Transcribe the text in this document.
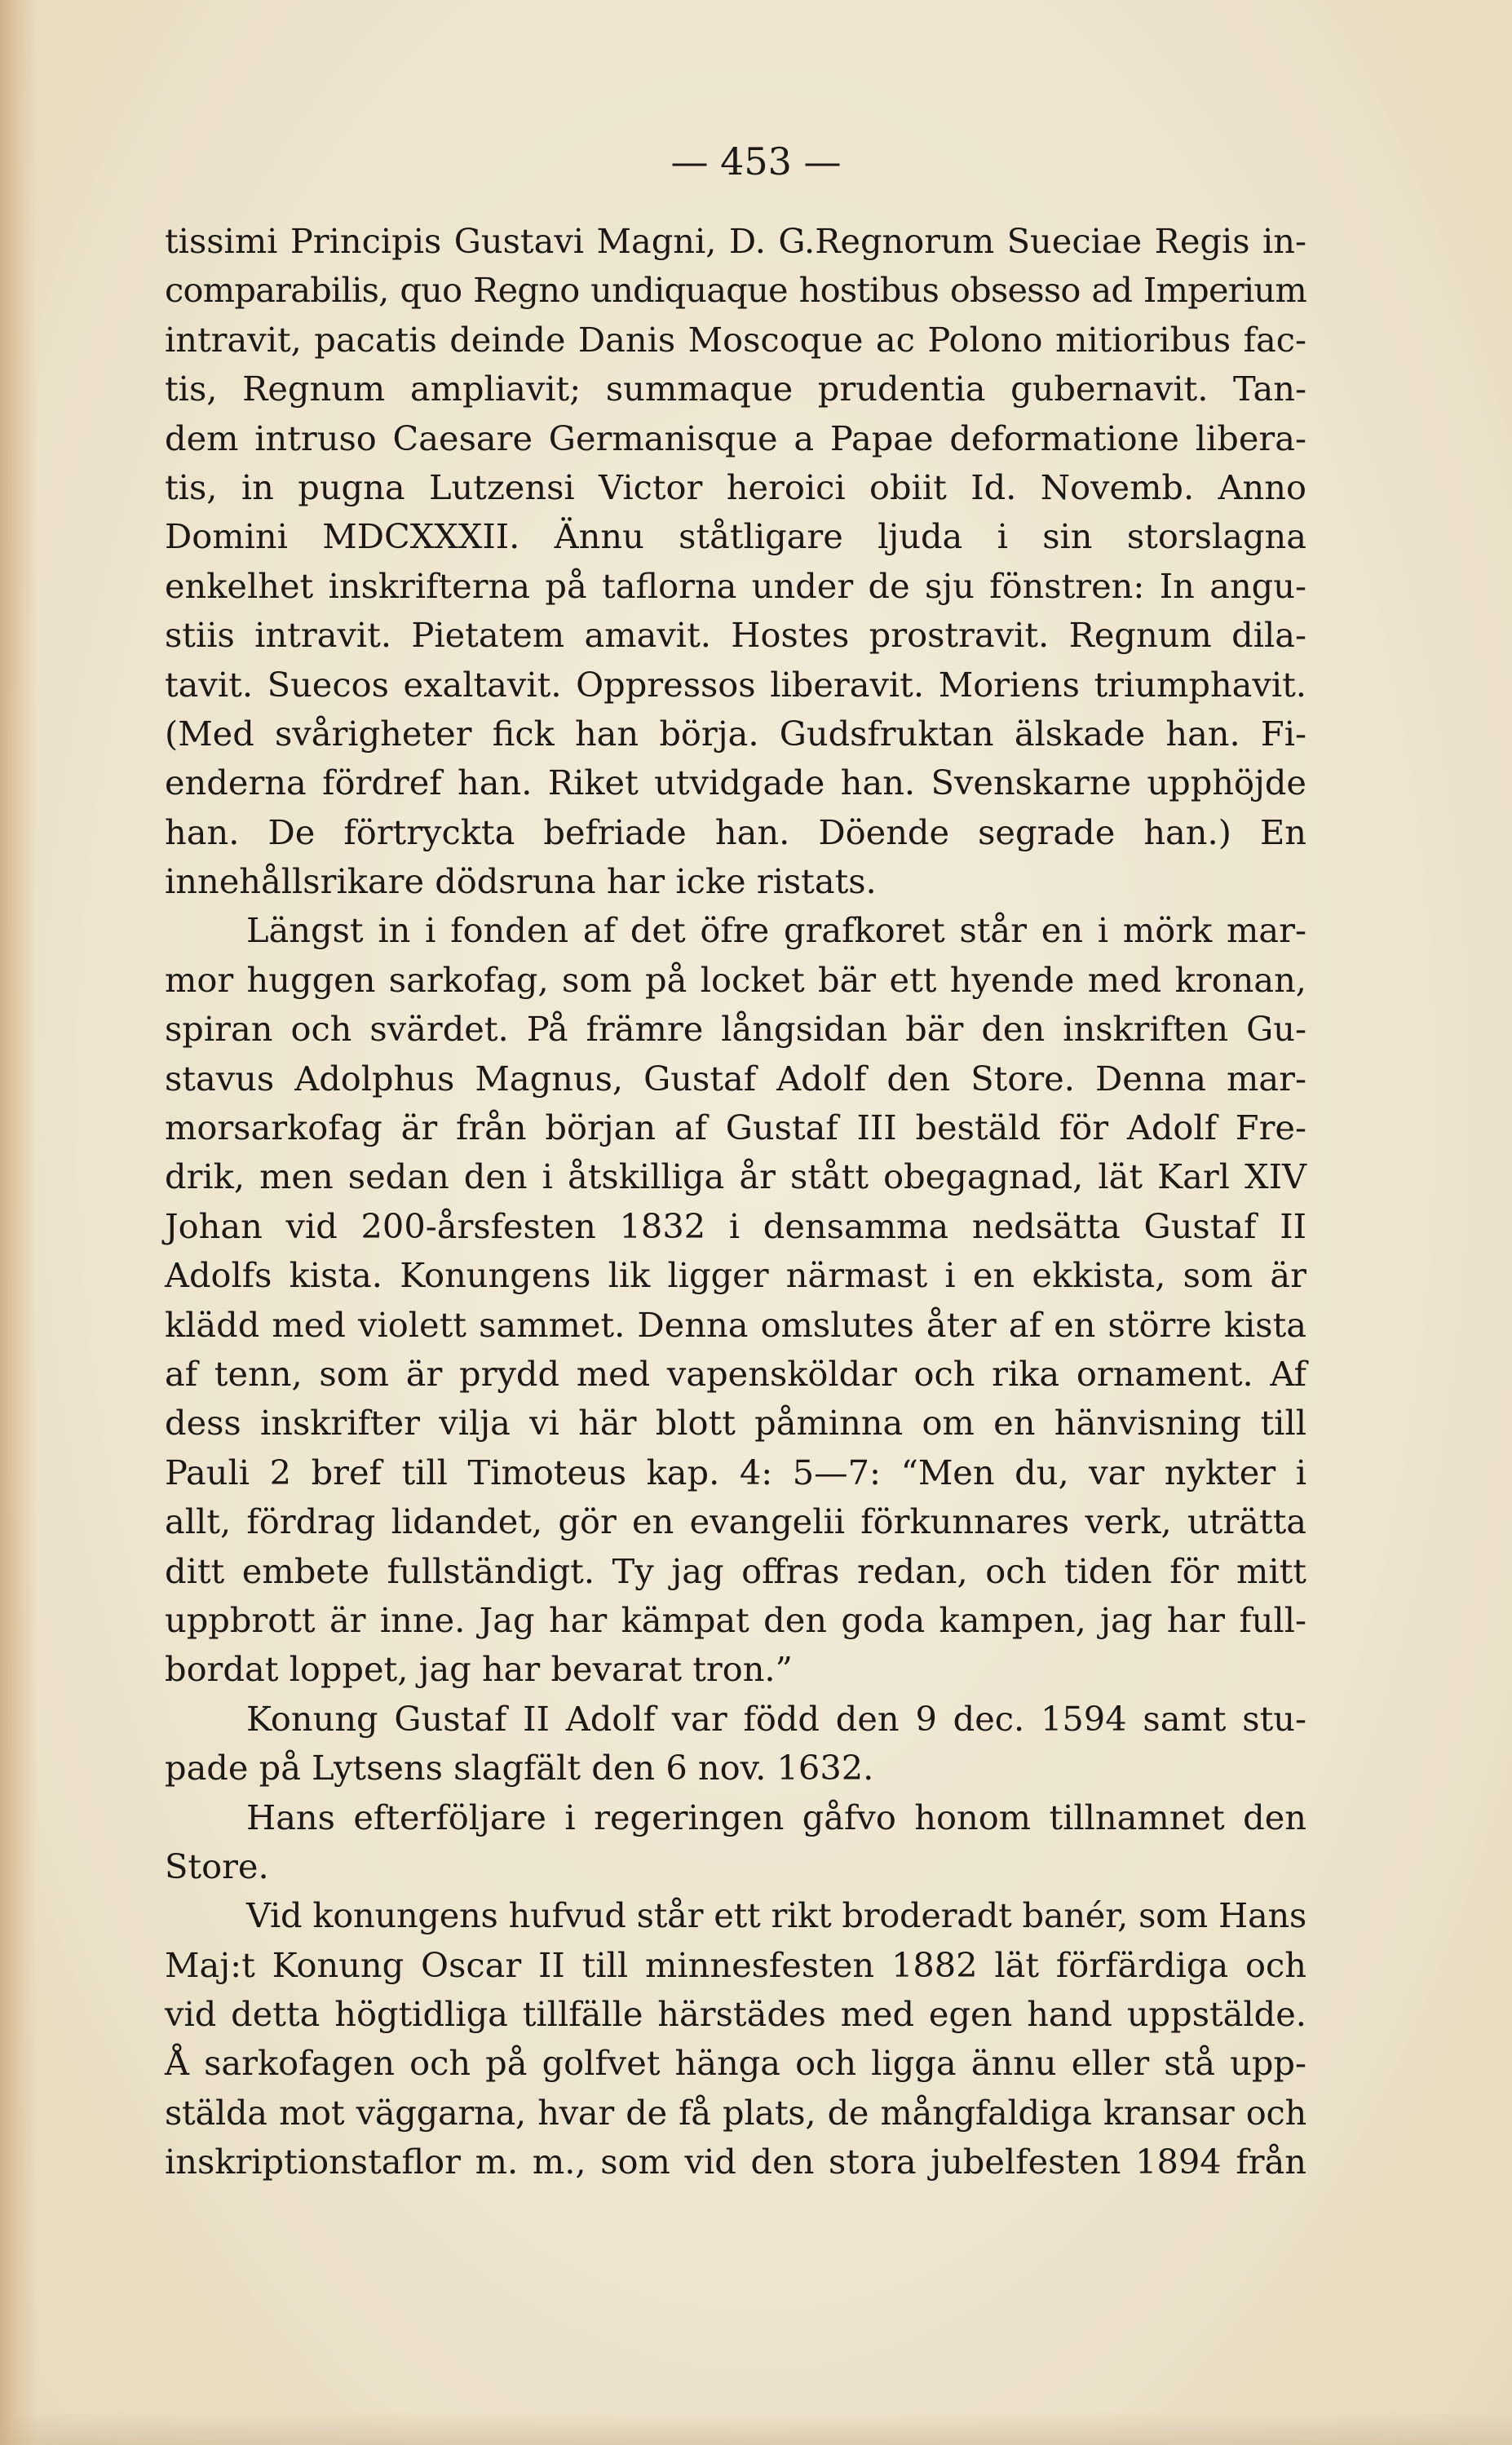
— 453 —
tissimi Principis Gustavi Magni, D. G.Regnorum Sueciae Regis in-
comparabilis, quo Regno undiquaque hostibus obsesso ad Imperium
intravit, pacatis deinde Danis Moscoque ac Polono mitioribus fac-
tis, Regnum ampliavit; summaque prudentia gubernavit. Tan-
dem intruso Caesare Germanisque a Papae deformatione libera-
tis, in pugna Lutzensi Victor heroici obiit Id. Novemb. Anno
Domini MDCXXXII. Ännu ståtligare ljuda i sin storslagna
enkelhet inskrifterna på taflorna under de sju fönstren: In angu-
stiis intravit. Pietatem amavit. Hostes prostravit. Regnum dila-
tavit. Suecos exaltavit. Oppressos liberavit. Moriens triumphavit.
(Med svårigheter fick han börja. Gudsfruktan älskade han. Fi-
enderna fördref han. Riket utvidgade han. Svenskarne upphöjde
han. De förtryckta befriade han. Döende segrade han.) En
innehållsrikare dödsruna har icke ristats.
Längst in i fonden af det öfre grafkoret står en i mörk mar-
mor huggen sarkofag, som på locket bär ett hyende med kronan,
spiran och svärdet. På främre långsidan bär den inskriften Gu-
stavus Adolphus Magnus, Gustaf Adolf den Store. Denna mar-
morsarkofag är från början af Gustaf III bestäld för Adolf Fre-
drik, men sedan den i åtskilliga år stått obegagnad, lät Karl XIV
Johan vid 200-årsfesten 1832 i densamma nedsätta Gustaf II
Adolfs kista. Konungens lik ligger närmast i en ekkista, som är
klädd med violett sammet. Denna omslutes åter af en större kista
af tenn, som är prydd med vapensköldar och rika ornament. Af
dess inskrifter vilja vi här blott påminna om en hänvisning till
Pauli 2 bref till Timoteus kap. 4: 5—7: “Men du, var nykter i
allt, fördrag lidandet, gör en evangelii förkunnares verk, uträtta
ditt embete fullständigt. Ty jag offras redan, och tiden för mitt
uppbrott är inne. Jag har kämpat den goda kampen, jag har full-
bordat loppet, jag har bevarat tron.”
Konung Gustaf II Adolf var född den 9 dec. 1594 samt stu-
pade på Lytsens slagfält den 6 nov. 1632.
Hans efterföljare i regeringen gåfvo honom tillnamnet den
Store.
Vid konungens hufvud står ett rikt broderadt banér, som Hans
Maj:t Konung Oscar II till minnesfesten 1882 lät förfärdiga och
vid detta högtidliga tillfälle härstädes med egen hand uppstälde.
Å sarkofagen och på golfvet hänga och ligga ännu eller stå upp-
stälda mot väggarna, hvar de få plats, de mångfaldiga kransar och
inskriptionstaflor m. m., som vid den stora jubelfesten 1894 från
